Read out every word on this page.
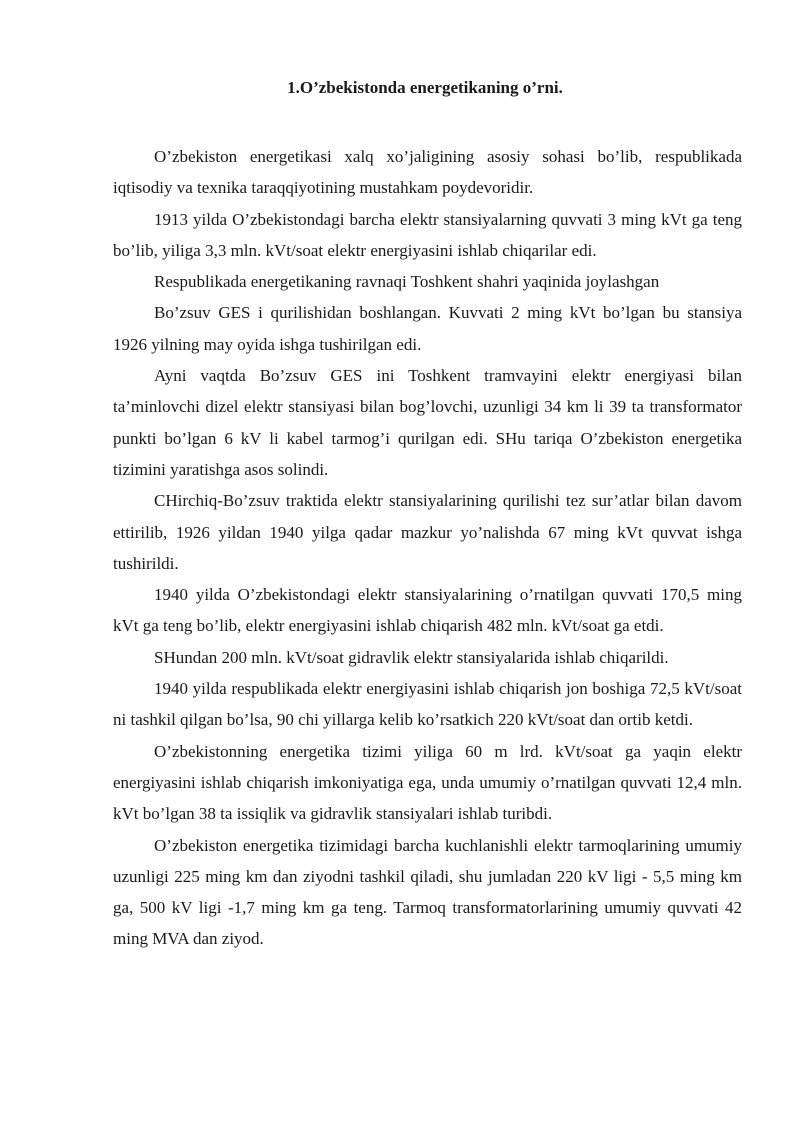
1.O’zbekistonda energetikaning o’rni.

O’zbekiston energetikasi xalq xo’jaligining asosiy sohasi bo’lib, respublikada iqtisodiy va texnika taraqqiyotining mustahkam poydevoridir.

1913 yilda O’zbekistondagi barcha elektr stansiyalarning quvvati 3 ming kVt ga teng bo’lib, yiliga 3,3 mln. kVt/soat elektr energiyasini ishlab chiqarilar edi.

Respublikada energetikaning ravnaqi Toshkent shahri yaqinida joylashgan

Bo’zsuv GES i qurilishidan boshlangan. Kuvvati 2 ming kVt bo’lgan bu stansiya 1926 yilning may oyida ishga tushirilgan edi.

Ayni vaqtda Bo’zsuv GES ini Toshkent tramvayini elektr energiyasi bilan ta’minlovchi dizel elektr stansiyasi bilan bog’lovchi, uzunligi 34 km li 39 ta transformator punkti bo’lgan 6 kV li kabel tarmog’i qurilgan edi. SHu tariqa O’zbekiston energetika tizimini yaratishga asos solindi.

CHirchiq-Bo’zsuv traktida elektr stansiyalarining qurilishi tez sur’atlar bilan davom ettirilib, 1926 yildan 1940 yilga qadar mazkur yo’nalishda 67 ming kVt quvvat ishga tushirildi.

1940 yilda O’zbekistondagi elektr stansiyalarining o’rnatilgan quvvati 170,5 ming kVt ga teng bo’lib, elektr energiyasini ishlab chiqarish 482 mln. kVt/soat ga etdi.

SHundan 200 mln. kVt/soat gidravlik elektr stansiyalarida ishlab chiqarildi.

1940 yilda respublikada elektr energiyasini ishlab chiqarish jon boshiga 72,5 kVt/soat ni tashkil qilgan bo’lsa, 90 chi yillarga kelib ko’rsatkich 220 kVt/soat dan ortib ketdi.

O’zbekistonning energetika tizimi yiliga 60 m lrd. kVt/soat ga yaqin elektr energiyasini ishlab chiqarish imkoniyatiga ega, unda umumiy o’rnatilgan quvvati 12,4 mln. kVt bo’lgan 38 ta issiqlik va gidravlik stansiyalari ishlab turibdi.

O’zbekiston energetika tizimidagi barcha kuchlanishli elektr tarmoqlarining umumiy uzunligi 225 ming km dan ziyodni tashkil qiladi, shu jumladan 220 kV ligi - 5,5 ming km ga, 500 kV ligi -1,7 ming km ga teng. Tarmoq transformatorlarining umumiy quvvati 42 ming MVA dan ziyod.
